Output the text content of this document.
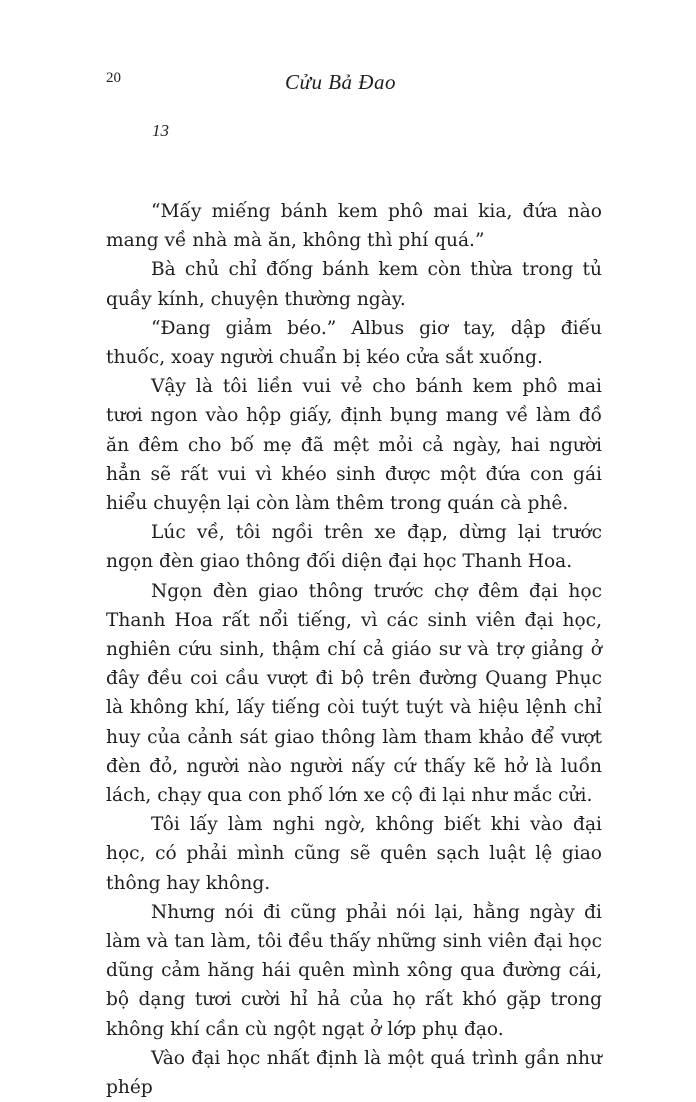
20	Cửu Bả Đao
13

“Mấy miếng bánh kem phô mai kia, đứa nào mang về nhà mà ăn, không thì phí quá.”

Bà chủ chỉ đống bánh kem còn thừa trong tủ quầy kính, chuyện thường ngày.

“Đang giảm béo.” Albus giơ tay, dập điếu thuốc, xoay người chuẩn bị kéo cửa sắt xuống.

Vậy là tôi liền vui vẻ cho bánh kem phô mai tươi ngon vào hộp giấy, định bụng mang về làm đồ ăn đêm cho bố mẹ đã mệt mỏi cả ngày, hai người hẳn sẽ rất vui vì khéo sinh được một đứa con gái hiểu chuyện lại còn làm thêm trong quán cà phê.

Lúc về, tôi ngồi trên xe đạp, dừng lại trước ngọn đèn giao thông đối diện đại học Thanh Hoa.

Ngọn đèn giao thông trước chợ đêm đại học Thanh Hoa rất nổi tiếng, vì các sinh viên đại học, nghiên cứu sinh, thậm chí cả giáo sư và trợ giảng ở đây đều coi cầu vượt đi bộ trên đường Quang Phục là không khí, lấy tiếng còi tuýt tuýt và hiệu lệnh chỉ huy của cảnh sát giao thông làm tham khảo để vượt đèn đỏ, người nào người nấy cứ thấy kẽ hở là luồn lách, chạy qua con phố lớn xe cộ đi lại như mắc cửi.

Tôi lấy làm nghi ngờ, không biết khi vào đại học, có phải mình cũng sẽ quên sạch luật lệ giao thông hay không.

Nhưng nói đi cũng phải nói lại, hằng ngày đi làm và tan làm, tôi đều thấy những sinh viên đại học dũng cảm hăng hái quên mình xông qua đường cái, bộ dạng tươi cười hỉ hả của họ rất khó gặp trong không khí cần cù ngột ngạt ở lớp phụ đạo.

Vào đại học nhất định là một quá trình gần như phép
